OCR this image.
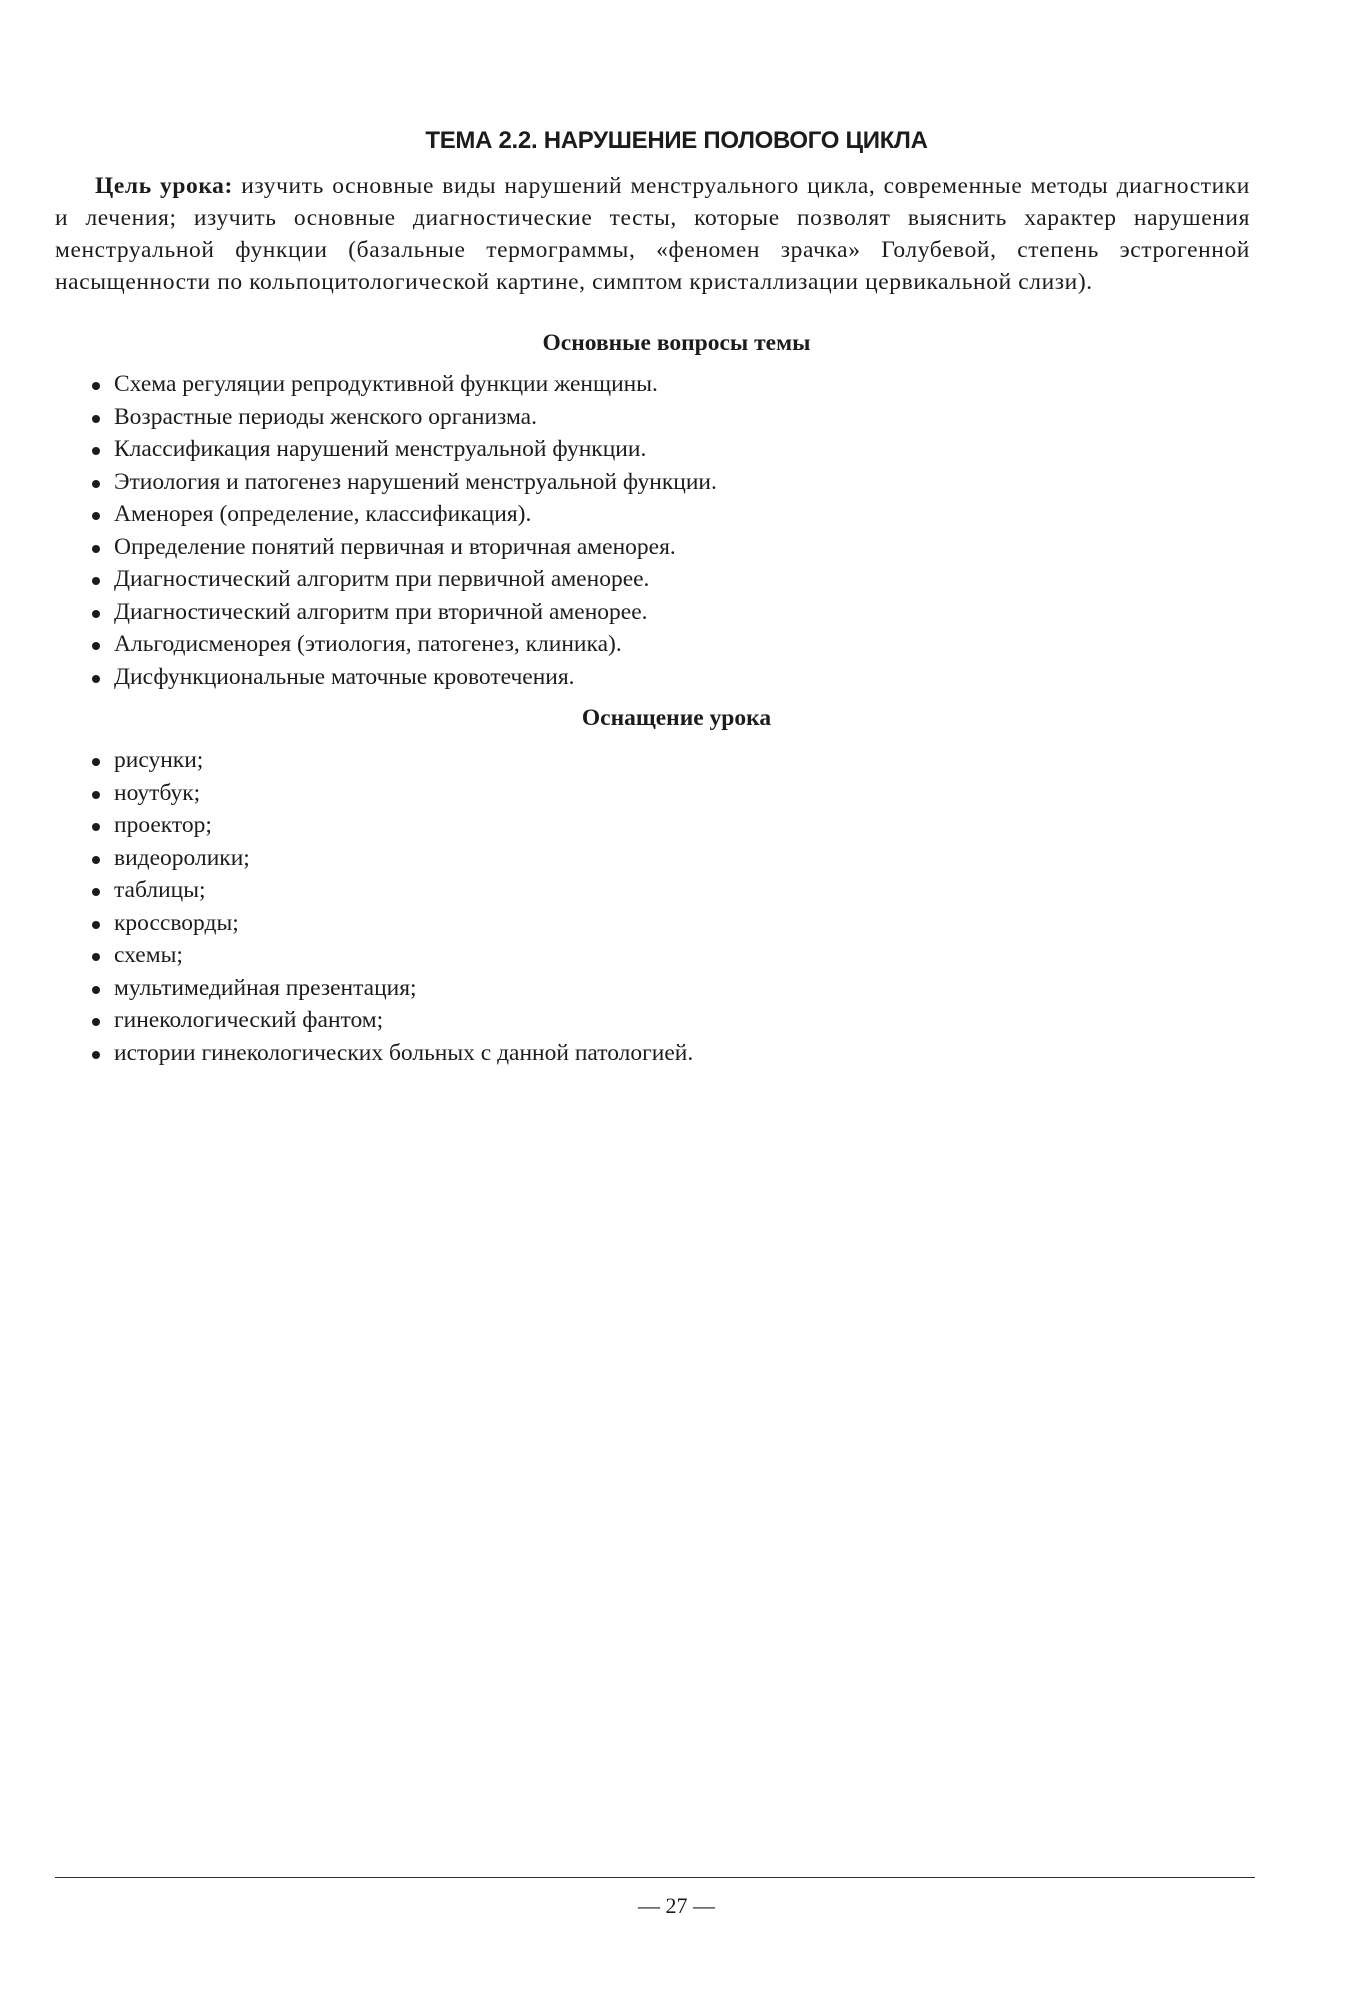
ТЕМА 2.2. НАРУШЕНИЕ ПОЛОВОГО ЦИКЛА

Цель урока: изучить основные виды нарушений менструального цикла, современные методы диагностики и лечения; изучить основные диагностические тесты, которые позволят выяснить характер нарушения менструальной функции (базальные термограммы, «феномен зрачка» Голубевой, степень эстрогенной насыщенности по кольпоцитологической картине, симптом кристаллизации цервикальной слизи).

Основные вопросы темы
Схема регуляции репродуктивной функции женщины.
Возрастные периоды женского организма.
Классификация нарушений менструальной функции.
Этиология и патогенез нарушений менструальной функции.
Аменорея (определение, классификация).
Определение понятий первичная и вторичная аменорея.
Диагностический алгоритм при первичной аменорее.
Диагностический алгоритм при вторичной аменорее.
Альгодисменорея (этиология, патогенез, клиника).
Дисфункциональные маточные кровотечения.
Оснащение урока
рисунки;
ноутбук;
проектор;
видеоролики;
таблицы;
кроссворды;
схемы;
мультимедийная презентация;
гинекологический фантом;
истории гинекологических больных с данной патологией.
— 27 —
